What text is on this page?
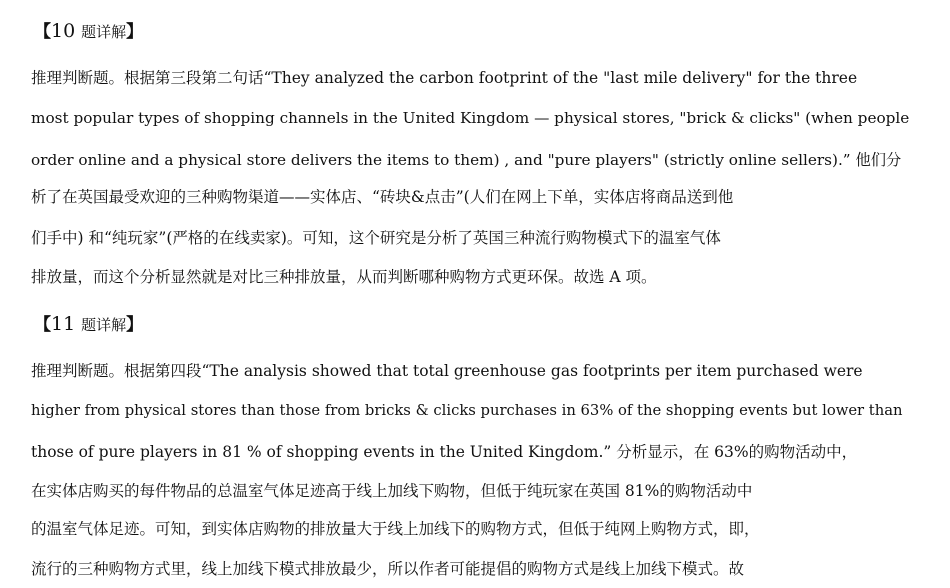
【10 题详解】
推理判断题。根据第三段第二句话“They analyzed the carbon footprint of the "last mile delivery" for the three
most popular types of shopping channels in the United Kingdom — physical stores, "brick & clicks" (when people
order online and a physical store delivers the items to them) , and "pure players" (strictly online sellers).” 他们分
析了在英国最受欢迎的三种购物渠道——实体店、“砖块&点击”(人们在网上下单，实体店将商品送到他
们手中) 和“纯玩家”(严格的在线卖家)。可知，这个研究是分析了英国三种流行购物模式下的温室气体
排放量，而这个分析显然就是对比三种排放量，从而判断哪种购物方式更环保。故选 A 项。
【11 题详解】
推理判断题。根据第四段“The analysis showed that total greenhouse gas footprints per item purchased were
higher from physical stores than those from bricks & clicks purchases in 63% of the shopping events but lower than
those of pure players in 81 % of shopping events in the United Kingdom.” 分析显示，在 63%的购物活动中，
在实体店购买的每件物品的总温室气体足迹高于线上加线下购物，但低于纯玩家在英国 81%的购物活动中
的温室气体足迹。可知，到实体店购物的排放量大于线上加线下的购物方式，但低于纯网上购物方式，即，
流行的三种购物方式里，线上加线下模式排放最少，所以作者可能提倡的购物方式是线上加线下模式。故
